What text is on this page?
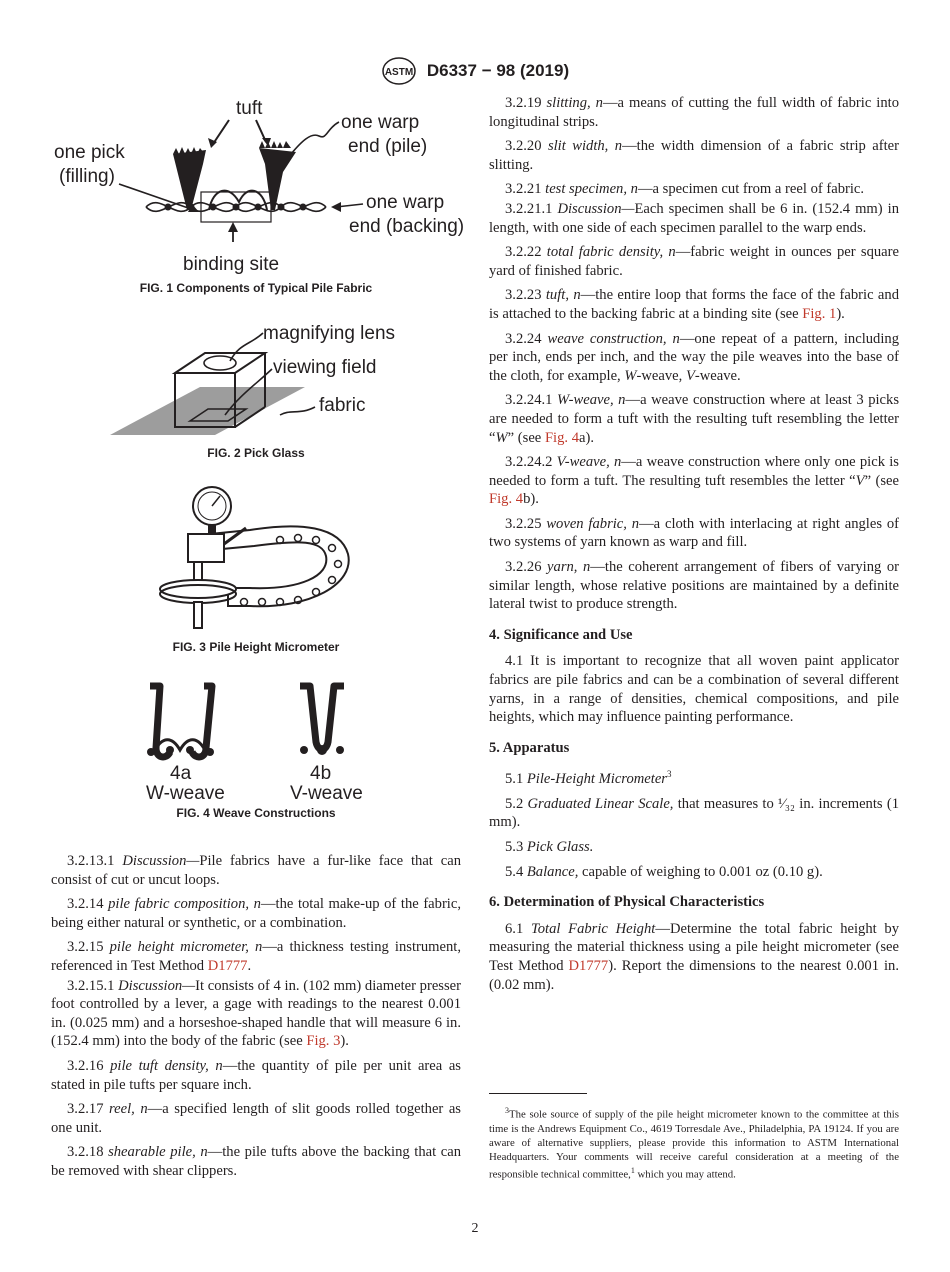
ASTM D6337 − 98 (2019)
tuft
one warp
end (pile)
one pick
(filling)
one warp
end (backing)
binding site
FIG. 1 Components of Typical Pile Fabric
magnifying lens
viewing field
fabric
FIG. 2 Pick Glass
FIG. 3 Pile Height Micrometer
4a
W-weave
4b
V-weave
FIG. 4 Weave Constructions

3.2.13.1 Discussion—Pile fabrics have a fur-like face that can consist of cut or uncut loops.

3.2.14 pile fabric composition, n—the total make-up of the fabric, being either natural or synthetic, or a combination.

3.2.15 pile height micrometer, n—a thickness testing instrument, referenced in Test Method D1777.

3.2.15.1 Discussion—It consists of 4 in. (102 mm) diameter presser foot controlled by a lever, a gage with readings to the nearest 0.001 in. (0.025 mm) and a horseshoe-shaped handle that will measure 6 in. (152.4 mm) into the body of the fabric (see Fig. 3).

3.2.16 pile tuft density, n—the quantity of pile per unit area as stated in pile tufts per square inch.

3.2.17 reel, n—a specified length of slit goods rolled together as one unit.

3.2.18 shearable pile, n—the pile tufts above the backing that can be removed with shear clippers.

3.2.19 slitting, n—a means of cutting the full width of fabric into longitudinal strips.

3.2.20 slit width, n—the width dimension of a fabric strip after slitting.

3.2.21 test specimen, n—a specimen cut from a reel of fabric.

3.2.21.1 Discussion—Each specimen shall be 6 in. (152.4 mm) in length, with one side of each specimen parallel to the warp ends.

3.2.22 total fabric density, n—fabric weight in ounces per square yard of finished fabric.

3.2.23 tuft, n—the entire loop that forms the face of the fabric and is attached to the backing fabric at a binding site (see Fig. 1).

3.2.24 weave construction, n—one repeat of a pattern, including per inch, ends per inch, and the way the pile weaves into the base of the cloth, for example, W-weave, V-weave.

3.2.24.1 W-weave, n—a weave construction where at least 3 picks are needed to form a tuft with the resulting tuft resembling the letter “W” (see Fig. 4a).

3.2.24.2 V-weave, n—a weave construction where only one pick is needed to form a tuft. The resulting tuft resembles the letter “V” (see Fig. 4b).

3.2.25 woven fabric, n—a cloth with interlacing at right angles of two systems of yarn known as warp and fill.

3.2.26 yarn, n—the coherent arrangement of fibers of varying or similar length, whose relative positions are maintained by a definite lateral twist to produce strength.

4. Significance and Use

4.1 It is important to recognize that all woven paint applicator fabrics are pile fabrics and can be a combination of several different yarns, in a range of densities, chemical compositions, and pile heights, which may influence painting performance.

5. Apparatus

5.1 Pile-Height Micrometer$^3$

5.2 Graduated Linear Scale, that measures to ¹⁄₃₂ in. increments (1 mm).

5.3 Pick Glass.

5.4 Balance, capable of weighing to 0.001 oz (0.10 g).

6. Determination of Physical Characteristics

6.1 Total Fabric Height—Determine the total fabric height by measuring the material thickness using a pile height micrometer (see Test Method D1777). Report the dimensions to the nearest 0.001 in. (0.02 mm).

$^3$The sole source of supply of the pile height micrometer known to the committee at this time is the Andrews Equipment Co., 4619 Torresdale Ave., Philadelphia, PA 19124. If you are aware of alternative suppliers, please provide this information to ASTM International Headquarters. Your comments will receive careful consideration at a meeting of the responsible technical committee,$^1$ which you may attend.

2
